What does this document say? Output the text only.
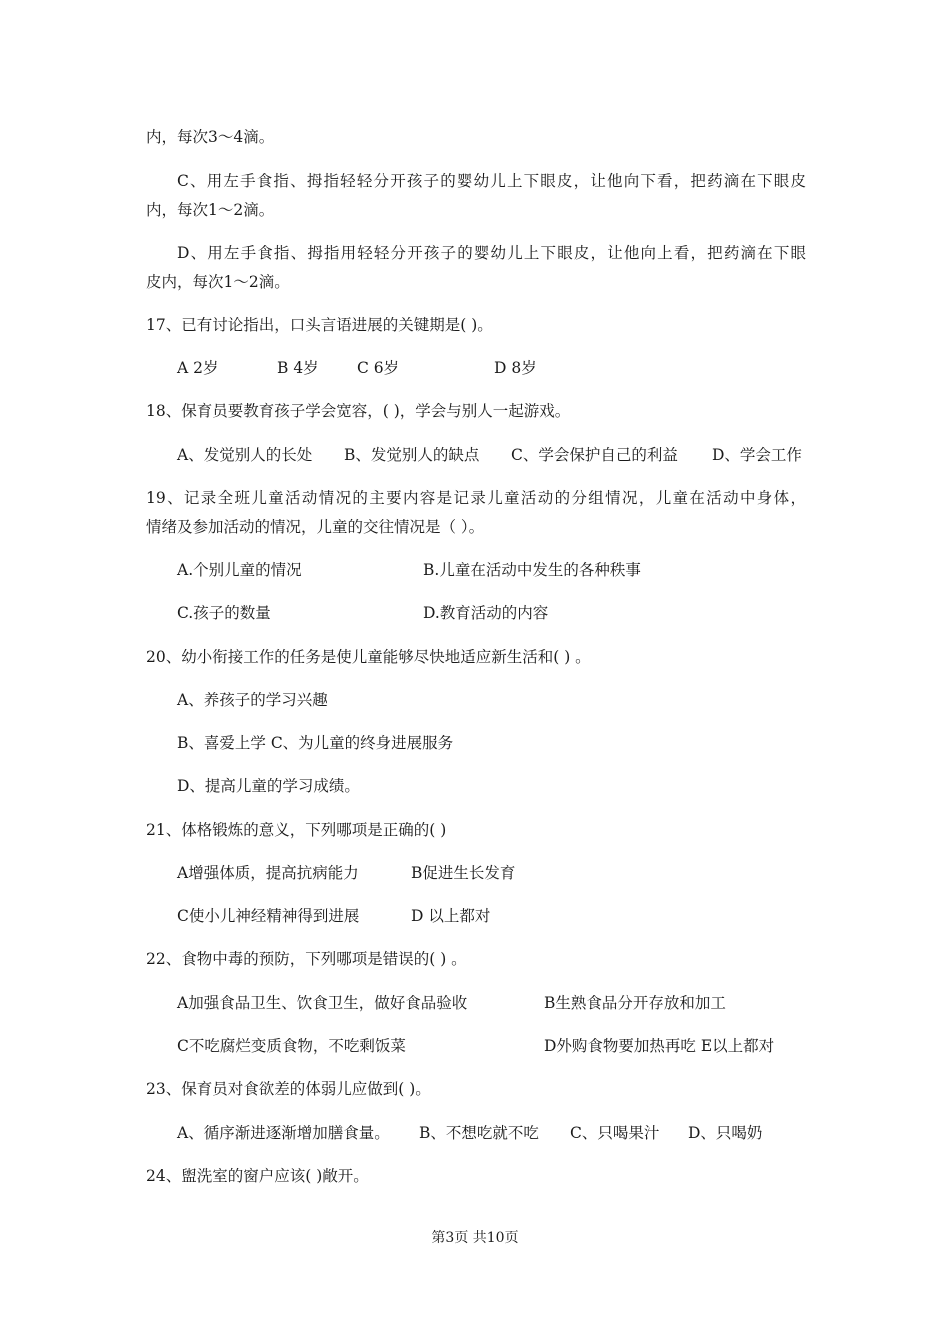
内，每次3～4滴。
C、用左手食指、拇指轻轻分开孩子的婴幼儿上下眼皮，让他向下看，把药滴在下眼皮
内，每次1～2滴。
D、用左手食指、拇指用轻轻分开孩子的婴幼儿上下眼皮，让他向上看，把药滴在下眼
皮内，每次1～2滴。
17、已有讨论指出，口头言语进展的关键期是( )。
A 2岁	B 4岁 C 6岁	D 8岁
18、保育员要教育孩子学会宽容，( )，学会与别人一起游戏。
A、发觉别人的长处 B、发觉别人的缺点 C、学会保护自己的利益 D、学会工作
19、记录全班儿童活动情况的主要内容是记录儿童活动的分组情况，儿童在活动中身体，
情绪及参加活动的情况，儿童的交往情况是（ ）。
A.个别儿童的情况	B.儿童在活动中发生的各种秩事
C.孩子的数量	D.教育活动的内容
20、幼小衔接工作的任务是使儿童能够尽快地适应新生活和( ) 。
A、养孩子的学习兴趣
B、喜爱上学 C、为儿童的终身进展服务
D、提高儿童的学习成绩。
21、体格锻炼的意义，下列哪项是正确的( )
A增强体质，提高抗病能力	B促进生长发育
C使小儿神经精神得到进展	D 以上都对
22、食物中毒的预防，下列哪项是错误的( ) 。
A加强食品卫生、饮食卫生，做好食品验收	B生熟食品分开存放和加工
C不吃腐烂变质食物，不吃剩饭菜	D外购食物要加热再吃 E以上都对
23、保育员对食欲差的体弱儿应做到( )。
A、循序渐进逐渐增加膳食量。 B、不想吃就不吃 C、只喝果汁 D、只喝奶
24、盥洗室的窗户应该( )敞开。
第3页 共10页
